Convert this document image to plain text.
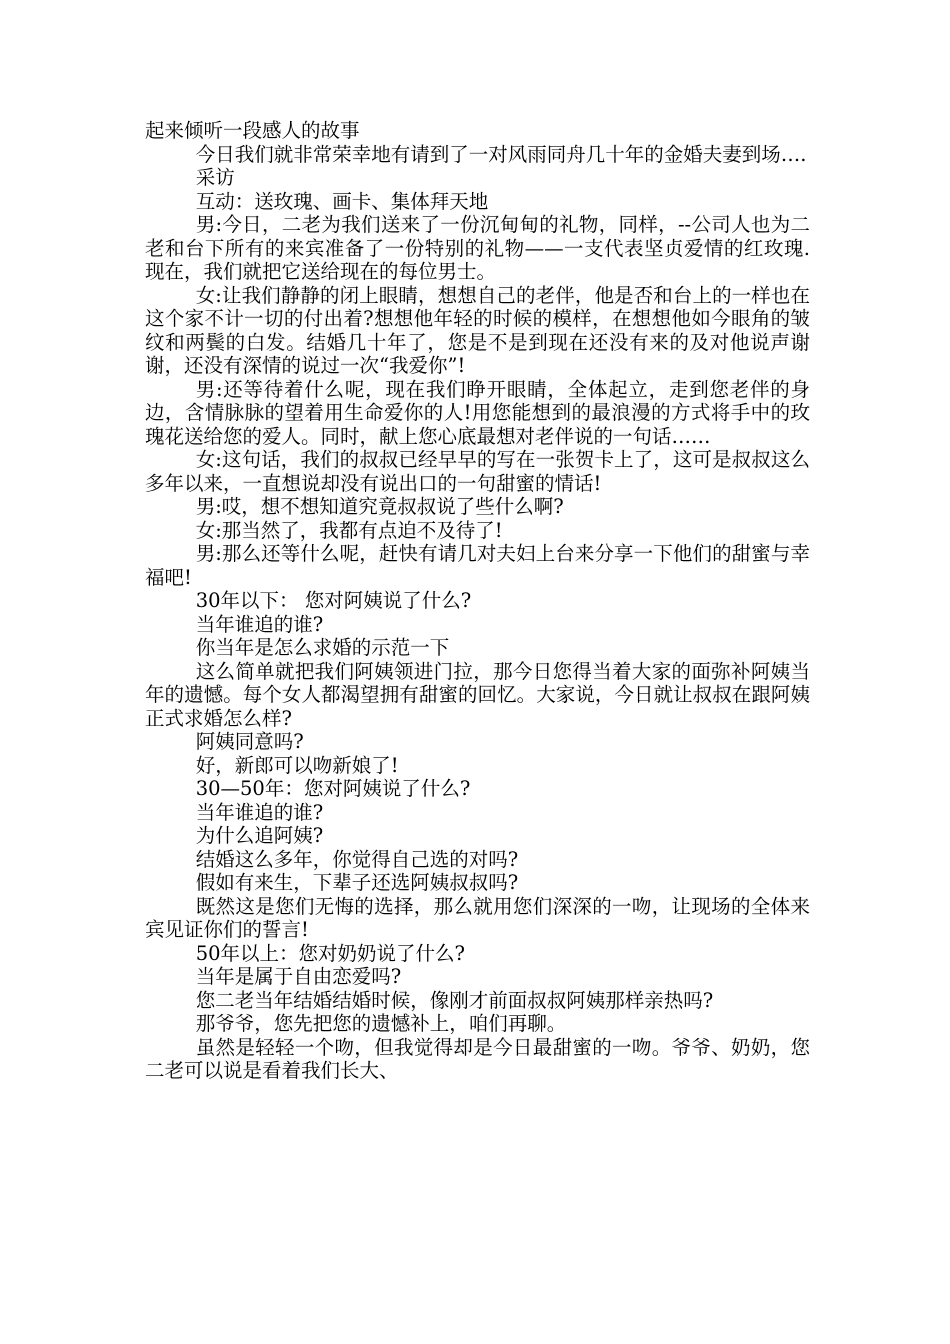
起来倾听一段感人的故事

今日我们就非常荣幸地有请到了一对风雨同舟几十年的金婚夫妻到场….

采访

互动：送玫瑰、画卡、集体拜天地

男:今日，二老为我们送来了一份沉甸甸的礼物，同样，--公司人也为二老和台下所有的来宾准备了一份特别的礼物——一支代表坚贞爱情的红玫瑰.现在，我们就把它送给现在的每位男士。

女:让我们静静的闭上眼睛，想想自己的老伴，他是否和台上的一样也在这个家不计一切的付出着?想想他年轻的时候的模样，在想想他如今眼角的皱纹和两鬓的白发。结婚几十年了，您是不是到现在还没有来的及对他说声谢谢，还没有深情的说过一次“我爱你”!

男:还等待着什么呢，现在我们睁开眼睛，全体起立，走到您老伴的身边，含情脉脉的望着用生命爱你的人!用您能想到的最浪漫的方式将手中的玫瑰花送给您的爱人。同时，献上您心底最想对老伴说的一句话……

女:这句话，我们的叔叔已经早早的写在一张贺卡上了，这可是叔叔这么多年以来，一直想说却没有说出口的一句甜蜜的情话!

男:哎，想不想知道究竟叔叔说了些什么啊?

女:那当然了，我都有点迫不及待了!

男:那么还等什么呢，赶快有请几对夫妇上台来分享一下他们的甜蜜与幸福吧!

30年以下： 您对阿姨说了什么?

当年谁追的谁?

你当年是怎么求婚的示范一下

这么简单就把我们阿姨领进门拉，那今日您得当着大家的面弥补阿姨当年的遗憾。每个女人都渴望拥有甜蜜的回忆。大家说，今日就让叔叔在跟阿姨正式求婚怎么样?

阿姨同意吗?

好，新郎可以吻新娘了!

30—50年：您对阿姨说了什么?

当年谁追的谁?

为什么追阿姨?

结婚这么多年，你觉得自己选的对吗?

假如有来生，下辈子还选阿姨叔叔吗?

既然这是您们无悔的选择，那么就用您们深深的一吻，让现场的全体来宾见证你们的誓言!

50年以上：您对奶奶说了什么?

当年是属于自由恋爱吗?

您二老当年结婚结婚时候，像刚才前面叔叔阿姨那样亲热吗?

那爷爷，您先把您的遗憾补上，咱们再聊。

虽然是轻轻一个吻，但我觉得却是今日最甜蜜的一吻。爷爷、奶奶，您二老可以说是看着我们长大、
